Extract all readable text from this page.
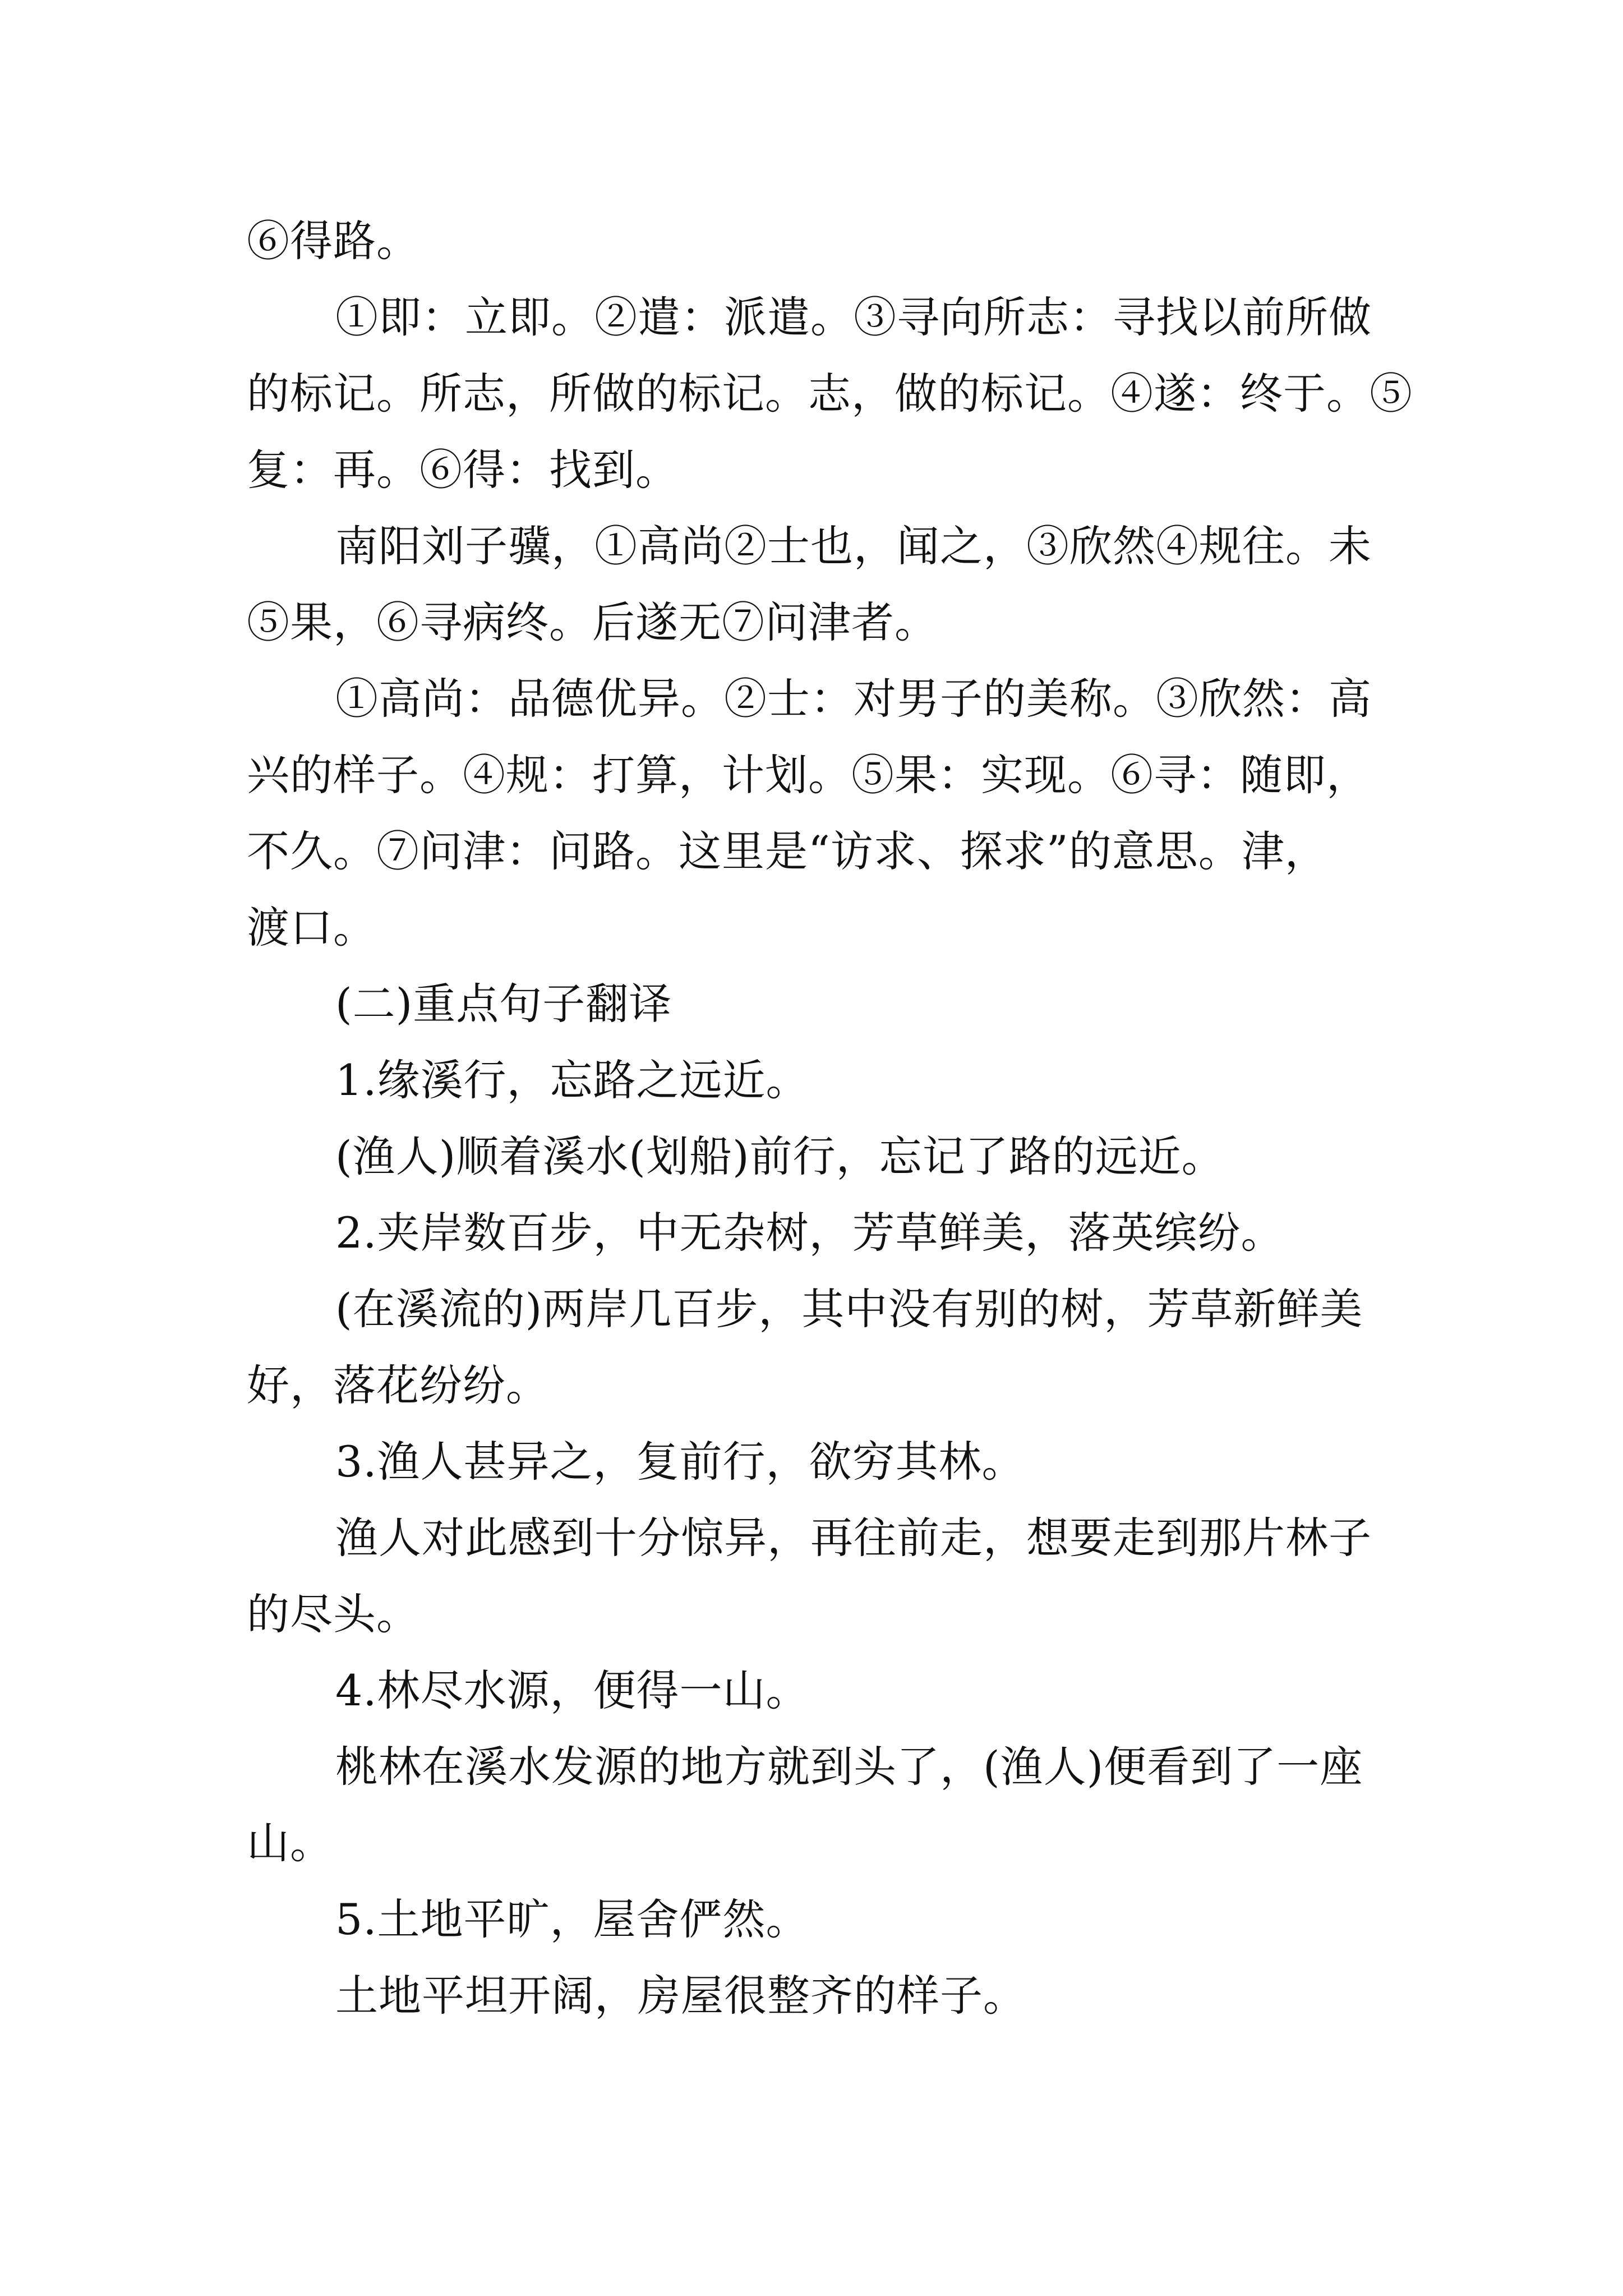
⑥得路。
①即：立即。②遣：派遣。③寻向所志：寻找以前所做
的标记。所志，所做的标记。志，做的标记。④遂：终于。⑤
复：再。⑥得：找到。
南阳刘子骥，①高尚②士也，闻之，③欣然④规往。未
⑤果，⑥寻病终。后遂无⑦问津者。
①高尚：品德优异。②士：对男子的美称。③欣然：高
兴的样子。④规：打算，计划。⑤果：实现。⑥寻：随即，
不久。⑦问津：问路。这里是“访求、探求”的意思。津，
渡口。
(二)重点句子翻译
1.缘溪行，忘路之远近。
(渔人)顺着溪水(划船)前行，忘记了路的远近。
2.夹岸数百步，中无杂树，芳草鲜美，落英缤纷。
(在溪流的)两岸几百步，其中没有别的树，芳草新鲜美
好，落花纷纷。
3.渔人甚异之，复前行，欲穷其林。
渔人对此感到十分惊异，再往前走，想要走到那片林子
的尽头。
4.林尽水源，便得一山。
桃林在溪水发源的地方就到头了，(渔人)便看到了一座
山。
5.土地平旷，屋舍俨然。
土地平坦开阔，房屋很整齐的样子。
